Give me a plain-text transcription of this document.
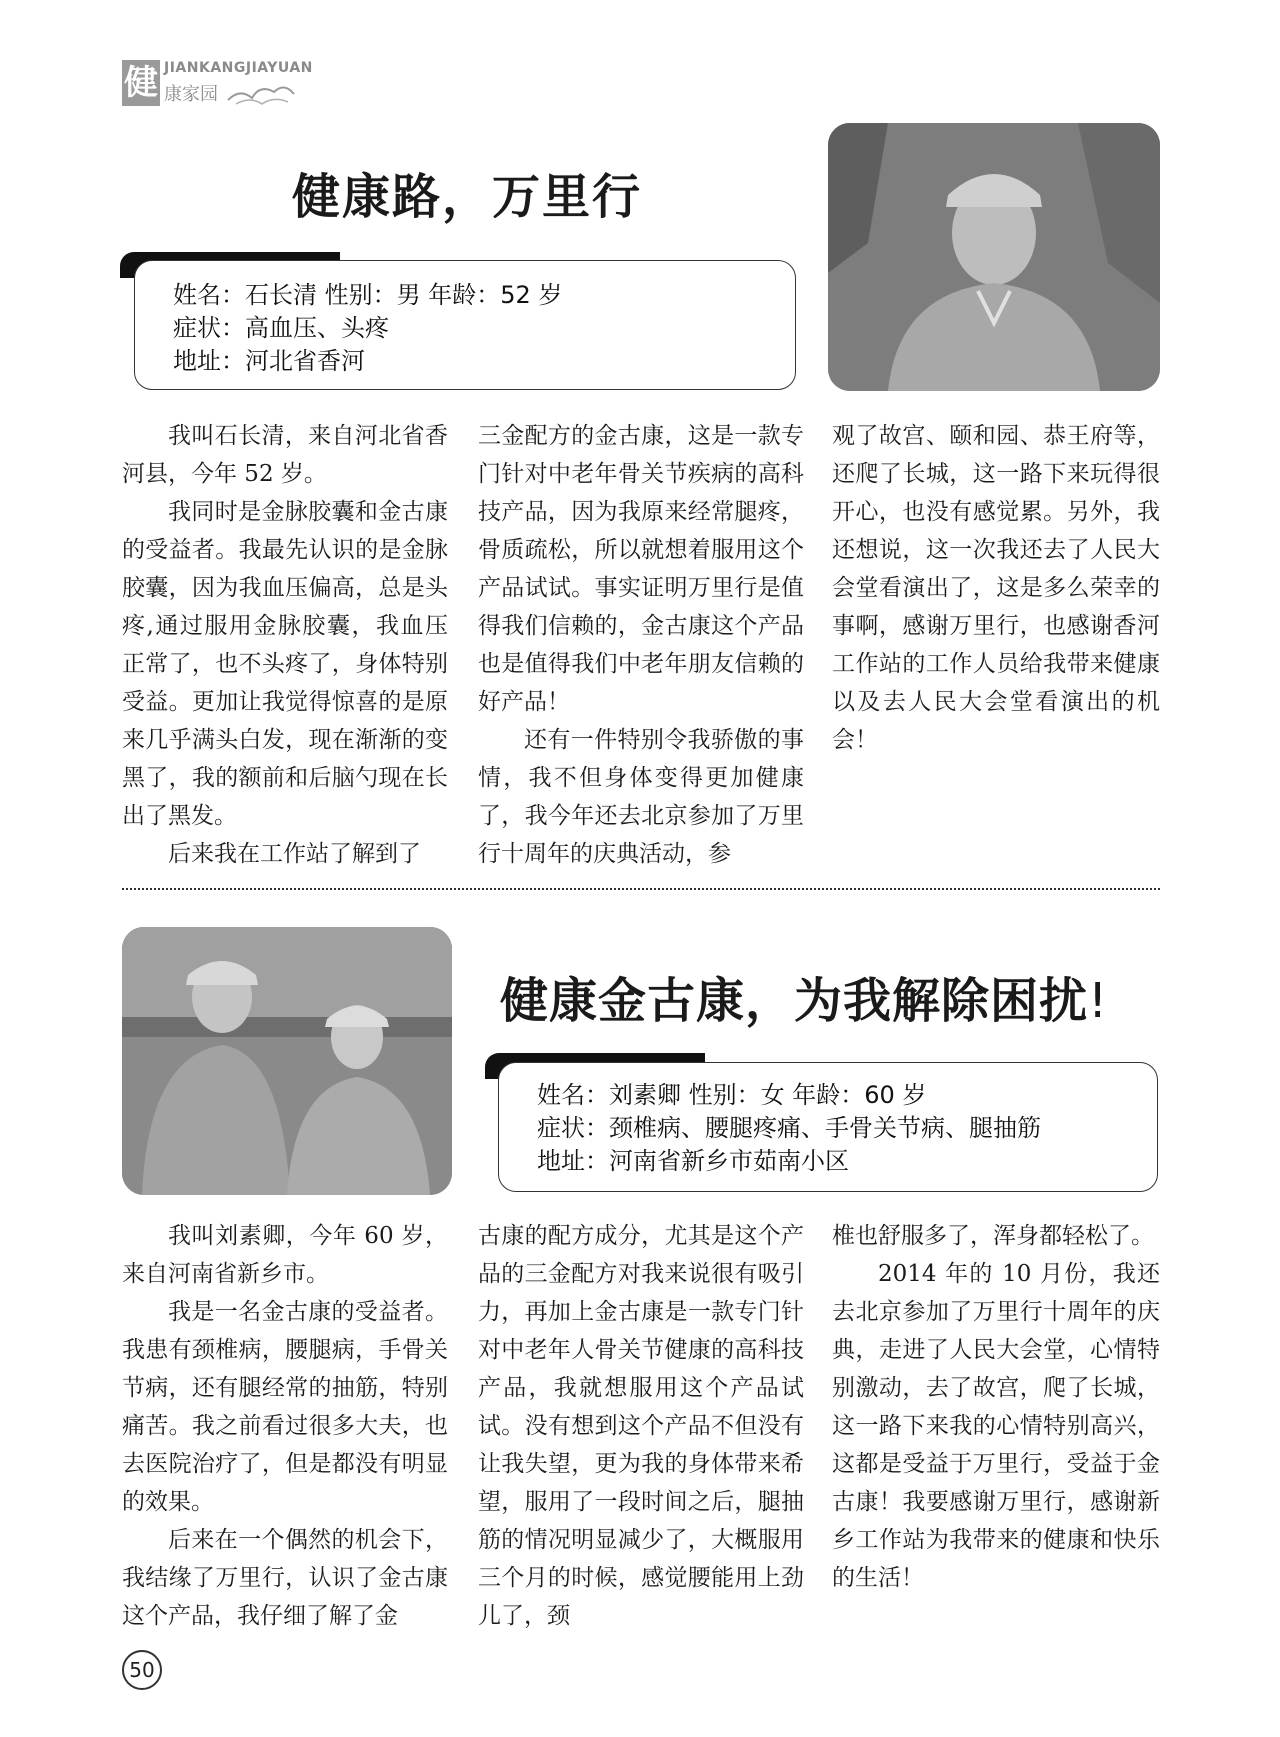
健 JIANKANGJIAYUAN
康家园
健康路，万里行
姓名：石长清 性别：男 年龄：52 岁
症状：高血压、头疼
地址：河北省香河

我叫石长清，来自河北省香河县，今年 52 岁。

我同时是金脉胶囊和金古康的受益者。我最先认识的是金脉胶囊，因为我血压偏高，总是头疼,通过服用金脉胶囊，我血压正常了，也不头疼了，身体特别受益。更加让我觉得惊喜的是原来几乎满头白发，现在渐渐的变黑了，我的额前和后脑勺现在长出了黑发。

后来我在工作站了解到了

三金配方的金古康，这是一款专门针对中老年骨关节疾病的高科技产品，因为我原来经常腿疼，骨质疏松，所以就想着服用这个产品试试。事实证明万里行是值得我们信赖的，金古康这个产品也是值得我们中老年朋友信赖的好产品！

还有一件特别令我骄傲的事情，我不但身体变得更加健康了，我今年还去北京参加了万里行十周年的庆典活动，参

观了故宫、颐和园、恭王府等，还爬了长城，这一路下来玩得很开心，也没有感觉累。另外，我还想说，这一次我还去了人民大会堂看演出了，这是多么荣幸的事啊，感谢万里行，也感谢香河工作站的工作人员给我带来健康以及去人民大会堂看演出的机会！

健康金古康，为我解除困扰!
姓名：刘素卿 性别：女 年龄：60 岁
症状：颈椎病、腰腿疼痛、手骨关节病、腿抽筋
地址：河南省新乡市茹南小区

我叫刘素卿，今年 60 岁，来自河南省新乡市。

我是一名金古康的受益者。我患有颈椎病，腰腿病，手骨关节病，还有腿经常的抽筋，特别痛苦。我之前看过很多大夫，也去医院治疗了，但是都没有明显的效果。

后来在一个偶然的机会下，我结缘了万里行，认识了金古康这个产品，我仔细了解了金

古康的配方成分，尤其是这个产品的三金配方对我来说很有吸引力，再加上金古康是一款专门针对中老年人骨关节健康的高科技产品，我就想服用这个产品试试。没有想到这个产品不但没有让我失望，更为我的身体带来希望，服用了一段时间之后，腿抽筋的情况明显减少了，大概服用三个月的时候，感觉腰能用上劲儿了，颈

椎也舒服多了，浑身都轻松了。

2014 年的 10 月份，我还去北京参加了万里行十周年的庆典，走进了人民大会堂，心情特别激动，去了故宫，爬了长城，这一路下来我的心情特别高兴，这都是受益于万里行，受益于金古康！我要感谢万里行，感谢新乡工作站为我带来的健康和快乐的生活！

50
